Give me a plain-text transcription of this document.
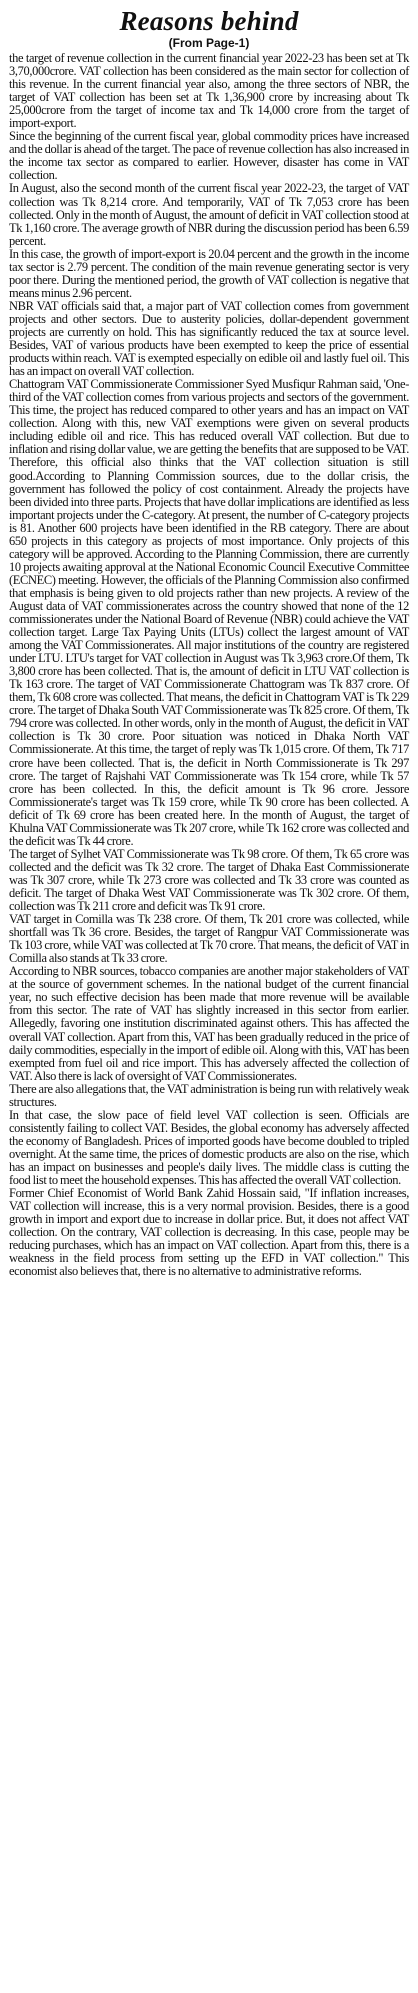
Reasons behind
(From Page-1)

the target of revenue collection in the current financial year 2022-23 has been set at Tk 3,70,000crore. VAT collection has been considered as the main sector for collection of this revenue. In the current financial year also, among the three sectors of NBR, the target of VAT collection has been set at Tk 1,36,900 crore by increasing about Tk 25,000crore from the target of income tax and Tk 14,000 crore from the target of import-export.

Since the beginning of the current fiscal year, global commodity prices have increased and the dollar is ahead of the target. The pace of revenue collection has also increased in the income tax sector as compared to earlier. However, disaster has come in VAT collection.

In August, also the second month of the current fiscal year 2022-23, the target of VAT collection was Tk 8,214 crore. And temporarily, VAT of Tk 7,053 crore has been collected. Only in the month of August, the amount of deficit in VAT collection stood at Tk 1,160 crore. The average growth of NBR during the discussion period has been 6.59 percent.

In this case, the growth of import-export is 20.04 percent and the growth in the income tax sector is 2.79 percent. The condition of the main revenue generating sector is very poor there. During the mentioned period, the growth of VAT collection is negative that means minus 2.96 percent.

NBR VAT officials said that, a major part of VAT collection comes from government projects and other sectors. Due to austerity policies, dollar-dependent government projects are currently on hold. This has significantly reduced the tax at source level. Besides, VAT of various products have been exempted to keep the price of essential products within reach. VAT is exempted especially on edible oil and lastly fuel oil. This has an impact on overall VAT collection.

Chattogram VAT Commissionerate Commissioner Syed Musfiqur Rahman said, 'One-third of the VAT collection comes from various projects and sectors of the government. This time, the project has reduced compared to other years and has an impact on VAT collection. Along with this, new VAT exemptions were given on several products including edible oil and rice. This has reduced overall VAT collection. But due to inflation and rising dollar value, we are getting the benefits that are supposed to be VAT. Therefore, this official also thinks that the VAT collection situation is still good.According to Planning Commission sources, due to the dollar crisis, the government has followed the policy of cost containment. Already the projects have been divided into three parts. Projects that have dollar implications are identified as less important projects under the C-category. At present, the number of C-category projects is 81. Another 600 projects have been identified in the RB category. There are about 650 projects in this category as projects of most importance. Only projects of this category will be approved. According to the Planning Commission, there are currently 10 projects awaiting approval at the National Economic Council Executive Committee (ECNEC) meeting. However, the officials of the Planning Commission also confirmed that emphasis is being given to old projects rather than new projects. A review of the August data of VAT commissionerates across the country showed that none of the 12 commissionerates under the National Board of Revenue (NBR) could achieve the VAT collection target. Large Tax Paying Units (LTUs) collect the largest amount of VAT among the VAT Commissionerates. All major institutions of the country are registered under LTU. LTU's target for VAT collection in August was Tk 3,963 crore.Of them, Tk 3,800 crore has been collected. That is, the amount of deficit in LTU VAT collection is Tk 163 crore. The target of VAT Commissionerate Chattogram was Tk 837 crore. Of them, Tk 608 crore was collected. That means, the deficit in Chattogram VAT is Tk 229 crore. The target of Dhaka South VAT Commissionerate was Tk 825 crore. Of them, Tk 794 crore was collected. In other words, only in the month of August, the deficit in VAT collection is Tk 30 crore. Poor situation was noticed in Dhaka North VAT Commissionerate. At this time, the target of reply was Tk 1,015 crore. Of them, Tk 717 crore have been collected. That is, the deficit in North Commissionerate is Tk 297 crore. The target of Rajshahi VAT Commissionerate was Tk 154 crore, while Tk 57 crore has been collected. In this, the deficit amount is Tk 96 crore. Jessore Commissionerate's target was Tk 159 crore, while Tk 90 crore has been collected. A deficit of Tk 69 crore has been created here. In the month of August, the target of Khulna VAT Commissionerate was Tk 207 crore, while Tk 162 crore was collected and the deficit was Tk 44 crore.

The target of Sylhet VAT Commissionerate was Tk 98 crore. Of them, Tk 65 crore was collected and the deficit was Tk 32 crore. The target of Dhaka East Commissionerate was Tk 307 crore, while Tk 273 crore was collected and Tk 33 crore was counted as deficit. The target of Dhaka West VAT Commissionerate was Tk 302 crore. Of them, collection was Tk 211 crore and deficit was Tk 91 crore.

VAT target in Comilla was Tk 238 crore. Of them, Tk 201 crore was collected, while shortfall was Tk 36 crore. Besides, the target of Rangpur VAT Commissionerate was Tk 103 crore, while VAT was collected at Tk 70 crore. That means, the deficit of VAT in Comilla also stands at Tk 33 crore.

According to NBR sources, tobacco companies are another major stakeholders of VAT at the source of government schemes. In the national budget of the current financial year, no such effective decision has been made that more revenue will be available from this sector. The rate of VAT has slightly increased in this sector from earlier. Allegedly, favoring one institution discriminated against others. This has affected the overall VAT collection. Apart from this, VAT has been gradually reduced in the price of daily commodities, especially in the import of edible oil. Along with this, VAT has been exempted from fuel oil and rice import. This has adversely affected the collection of VAT. Also there is lack of oversight of VAT Commissionerates.

There are also allegations that, the VAT administration is being run with relatively weak structures.

In that case, the slow pace of field level VAT collection is seen. Officials are consistently failing to collect VAT. Besides, the global economy has adversely affected the economy of Bangladesh. Prices of imported goods have become doubled to tripled overnight. At the same time, the prices of domestic products are also on the rise, which has an impact on businesses and people's daily lives. The middle class is cutting the food list to meet the household expenses. This has affected the overall VAT collection.

Former Chief Economist of World Bank Zahid Hossain said, "If inflation increases, VAT collection will increase, this is a very normal provision. Besides, there is a good growth in import and export due to increase in dollar price. But, it does not affect VAT collection. On the contrary, VAT collection is decreasing. In this case, people may be reducing purchases, which has an impact on VAT collection. Apart from this, there is a weakness in the field process from setting up the EFD in VAT collection." This economist also believes that, there is no alternative to administrative reforms.
